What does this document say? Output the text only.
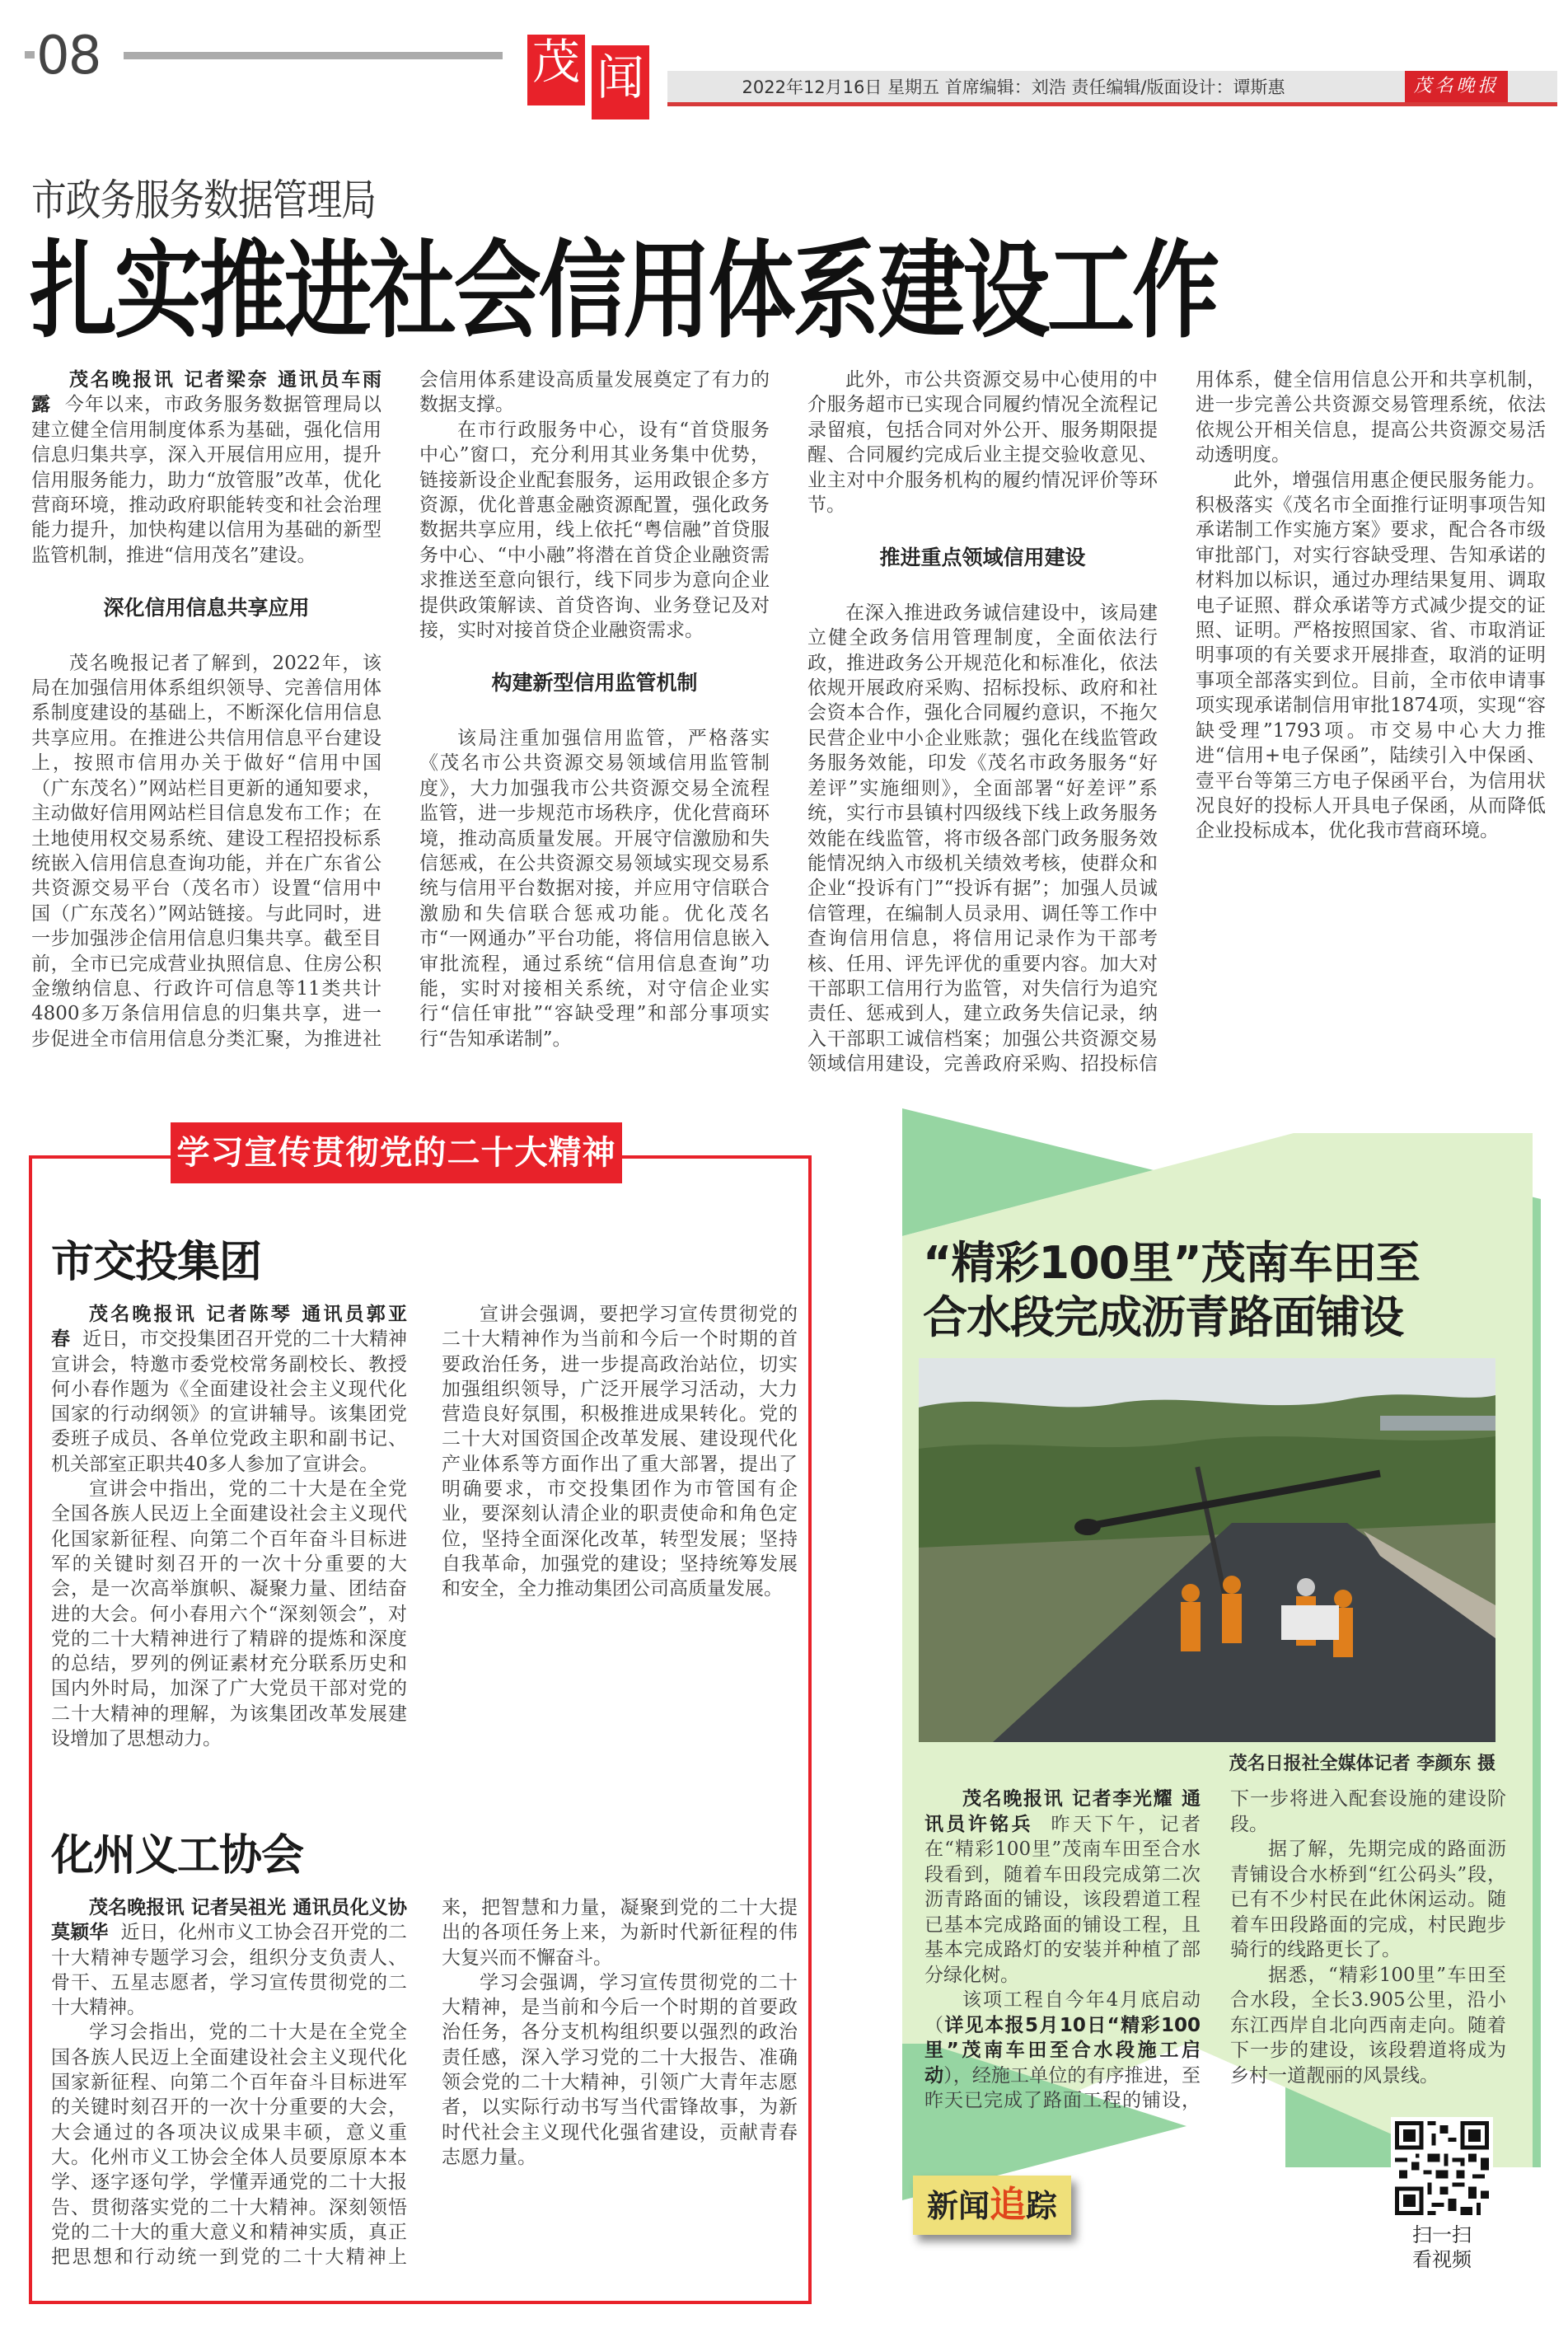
08	茂 闻	2022年12月16日 星期五 首席编辑：刘浩 责任编辑/版面设计：谭斯惠	茂名晚报
市政务服务数据管理局
扎实推进社会信用体系建设工作

茂名晚报讯 记者梁奈 通讯员车雨露 今年以来，市政务服务数据管理局以建立健全信用制度体系为基础，强化信用信息归集共享，深入开展信用应用，提升信用服务能力，助力“放管服”改革，优化营商环境，推动政府职能转变和社会治理能力提升，加快构建以信用为基础的新型监管机制，推进“信用茂名”建设。

深化信用信息共享应用

茂名晚报记者了解到，2022年，该局在加强信用体系组织领导、完善信用体系制度建设的基础上，不断深化信用信息共享应用。在推进公共信用信息平台建设上，按照市信用办关于做好“信用中国（广东茂名）”网站栏目更新的通知要求，主动做好信用网站栏目信息发布工作；在土地使用权交易系统、建设工程招投标系统嵌入信用信息查询功能，并在广东省公共资源交易平台（茂名市）设置“信用中国（广东茂名）”网站链接。与此同时，进一步加强涉企信用信息归集共享。截至目前，全市已完成营业执照信息、住房公积金缴纳信息、行政许可信息等11类共计4800多万条信用信息的归集共享，进一步促进全市信用信息分类汇聚，为推进社会信用体系建设高质量发展奠定了有力的数据支撑。

在市行政服务中心，设有“首贷服务中心”窗口，充分利用其业务集中优势，链接新设企业配套服务，运用政银企多方资源，优化普惠金融资源配置，强化政务数据共享应用，线上依托“粤信融”首贷服务中心、“中小融”将潜在首贷企业融资需求推送至意向银行，线下同步为意向企业提供政策解读、首贷咨询、业务登记及对接，实时对接首贷企业融资需求。

构建新型信用监管机制

该局注重加强信用监管，严格落实《茂名市公共资源交易领域信用监管制度》，大力加强我市公共资源交易全流程监管，进一步规范市场秩序，优化营商环境，推动高质量发展。开展守信激励和失信惩戒，在公共资源交易领域实现交易系统与信用平台数据对接，并应用守信联合激励和失信联合惩戒功能。优化茂名市“一网通办”平台功能，将信用信息嵌入审批流程，通过系统“信用信息查询”功能，实时对接相关系统，对守信企业实行“信任审批”“容缺受理”和部分事项实行“告知承诺制”。

此外，市公共资源交易中心使用的中介服务超市已实现合同履约情况全流程记录留痕，包括合同对外公开、服务期限提醒、合同履约完成后业主提交验收意见、业主对中介服务机构的履约情况评价等环节。

推进重点领域信用建设

在深入推进政务诚信建设中，该局建立健全政务信用管理制度，全面依法行政，推进政务公开规范化和标准化，依法依规开展政府采购、招标投标、政府和社会资本合作，强化合同履约意识，不拖欠民营企业中小企业账款；强化在线监管政务服务效能，印发《茂名市政务服务“好差评”实施细则》，全面部署“好差评”系统，实行市县镇村四级线下线上政务服务效能在线监管，将市级各部门政务服务效能情况纳入市级机关绩效考核，使群众和企业“投诉有门”“投诉有据”；加强人员诚信管理，在编制人员录用、调任等工作中查询信用信息，将信用记录作为干部考核、任用、评先评优的重要内容。加大对干部职工信用行为监管，对失信行为追究责任、惩戒到人，建立政务失信记录，纳入干部职工诚信档案；加强公共资源交易领域信用建设，完善政府采购、招投标信用体系，健全信用信息公开和共享机制，进一步完善公共资源交易管理系统，依法依规公开相关信息，提高公共资源交易活动透明度。

此外，增强信用惠企便民服务能力。积极落实《茂名市全面推行证明事项告知承诺制工作实施方案》要求，配合各市级审批部门，对实行容缺受理、告知承诺的材料加以标识，通过办理结果复用、调取电子证照、群众承诺等方式减少提交的证照、证明。严格按照国家、省、市取消证明事项的有关要求开展排查，取消的证明事项全部落实到位。目前，全市依申请事项实现承诺制信用审批1874项，实现“容缺受理”1793项。市交易中心大力推进“信用+电子保函”，陆续引入中保函、壹平台等第三方电子保函平台，为信用状况良好的投标人开具电子保函，从而降低企业投标成本，优化我市营商环境。

学习宣传贯彻党的二十大精神
市交投集团

茂名晚报讯 记者陈琴 通讯员郭亚春 近日，市交投集团召开党的二十大精神宣讲会，特邀市委党校常务副校长、教授何小春作题为《全面建设社会主义现代化国家的行动纲领》的宣讲辅导。该集团党委班子成员、各单位党政主职和副书记、机关部室正职共40多人参加了宣讲会。

宣讲会中指出，党的二十大是在全党全国各族人民迈上全面建设社会主义现代化国家新征程、向第二个百年奋斗目标进军的关键时刻召开的一次十分重要的大会，是一次高举旗帜、凝聚力量、团结奋进的大会。何小春用六个“深刻领会”，对党的二十大精神进行了精辟的提炼和深度的总结，罗列的例证素材充分联系历史和国内外时局，加深了广大党员干部对党的二十大精神的理解，为该集团改革发展建设增加了思想动力。

宣讲会强调，要把学习宣传贯彻党的二十大精神作为当前和今后一个时期的首要政治任务，进一步提高政治站位，切实加强组织领导，广泛开展学习活动，大力营造良好氛围，积极推进成果转化。党的二十大对国资国企改革发展、建设现代化产业体系等方面作出了重大部署，提出了明确要求，市交投集团作为市管国有企业，要深刻认清企业的职责使命和角色定位，坚持全面深化改革，转型发展；坚持自我革命，加强党的建设；坚持统筹发展和安全，全力推动集团公司高质量发展。

化州义工协会

茂名晚报讯 记者吴祖光 通讯员化义协 莫颖华 近日，化州市义工协会召开党的二十大精神专题学习会，组织分支负责人、骨干、五星志愿者，学习宣传贯彻党的二十大精神。

学习会指出，党的二十大是在全党全国各族人民迈上全面建设社会主义现代化国家新征程、向第二个百年奋斗目标进军的关键时刻召开的一次十分重要的大会，大会通过的各项决议成果丰硕，意义重大。化州市义工协会全体人员要原原本本学、逐字逐句学，学懂弄通党的二十大报告、贯彻落实党的二十大精神。深刻领悟党的二十大的重大意义和精神实质，真正把思想和行动统一到党的二十大精神上来，把智慧和力量，凝聚到党的二十大提出的各项任务上来，为新时代新征程的伟大复兴而不懈奋斗。

学习会强调，学习宣传贯彻党的二十大精神，是当前和今后一个时期的首要政治任务，各分支机构组织要以强烈的政治责任感，深入学习党的二十大报告、准确领会党的二十大精神，引领广大青年志愿者，以实际行动书写当代雷锋故事，为新时代社会主义现代化强省建设，贡献青春志愿力量。

“精彩100里”茂南车田至
合水段完成沥青路面铺设
茂名日报社全媒体记者 李颜东 摄

茂名晚报讯 记者李光耀 通讯员许铭兵 昨天下午，记者在“精彩100里”茂南车田至合水段看到，随着车田段完成第二次沥青路面的铺设，该段碧道工程已基本完成路面的铺设工程，且基本完成路灯的安装并种植了部分绿化树。

该项工程自今年4月底启动（详见本报5月10日“精彩100里”茂南车田至合水段施工启动），经施工单位的有序推进，至昨天已完成了路面工程的铺设，下一步将进入配套设施的建设阶段。

据了解，先期完成的路面沥青铺设合水桥到“红公码头”段，已有不少村民在此休闲运动。随着车田段路面的完成，村民跑步骑行的线路更长了。

据悉，“精彩100里”车田至合水段，全长3.905公里，沿小东江西岸自北向西南走向。随着下一步的建设，该段碧道将成为乡村一道靓丽的风景线。

新闻追踪
扫一扫
看视频
